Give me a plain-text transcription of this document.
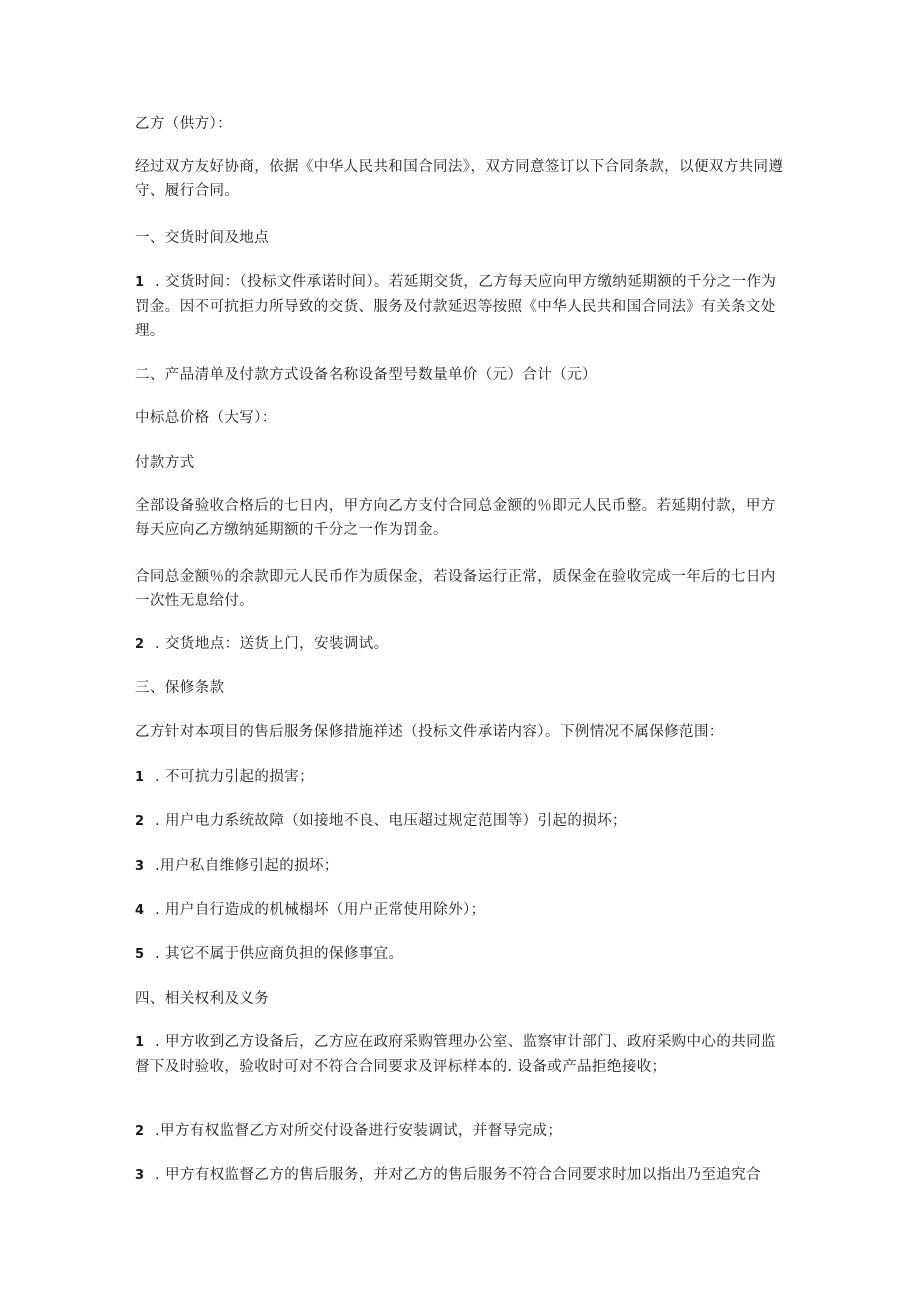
乙方（供方）：

经过双方友好协商，依据《中华人民共和国合同法》，双方同意签订以下合同条款，以便双方共同遵守、履行合同。

一、交货时间及地点

1 . 交货时间：（投标文件承诺时间）。若延期交货，乙方每天应向甲方缴纳延期额的千分之一作为罚金。因不可抗拒力所导致的交货、服务及付款延迟等按照《中华人民共和国合同法》有关条文处理。

二、产品清单及付款方式设备名称设备型号数量单价（元）合计（元）

中标总价格（大写）：

付款方式

全部设备验收合格后的七日内，甲方向乙方支付合同总金额的％即元人民币整。若延期付款，甲方每天应向乙方缴纳延期额的千分之一作为罚金。

合同总金额％的余款即元人民币作为质保金，若设备运行正常，质保金在验收完成一年后的七日内一次性无息给付。

2 . 交货地点：送货上门，安装调试。

三、保修条款

乙方针对本项目的售后服务保修措施祥述（投标文件承诺内容）。下例情况不属保修范围：

1 . 不可抗力引起的损害；

2 . 用户电力系统故障（如接地不良、电压超过规定范围等）引起的损坏；

3 .用户私自维修引起的损坏；

4 . 用户自行造成的机械榻坏（用户正常使用除外）；

5 . 其它不属于供应商负担的保修事宜。

四、相关权利及义务

1 . 甲方收到乙方设备后，乙方应在政府采购管理办公室、监察审计部门、政府采购中心的共同监督下及时验收，验收时可对不符合合同要求及评标样本的. 设备或产品拒绝接收；

2 .甲方有权监督乙方对所交付设备进行安装调试，并督导完成；

3 . 甲方有权监督乙方的售后服务，并对乙方的售后服务不符合合同要求时加以指出乃至追究合
